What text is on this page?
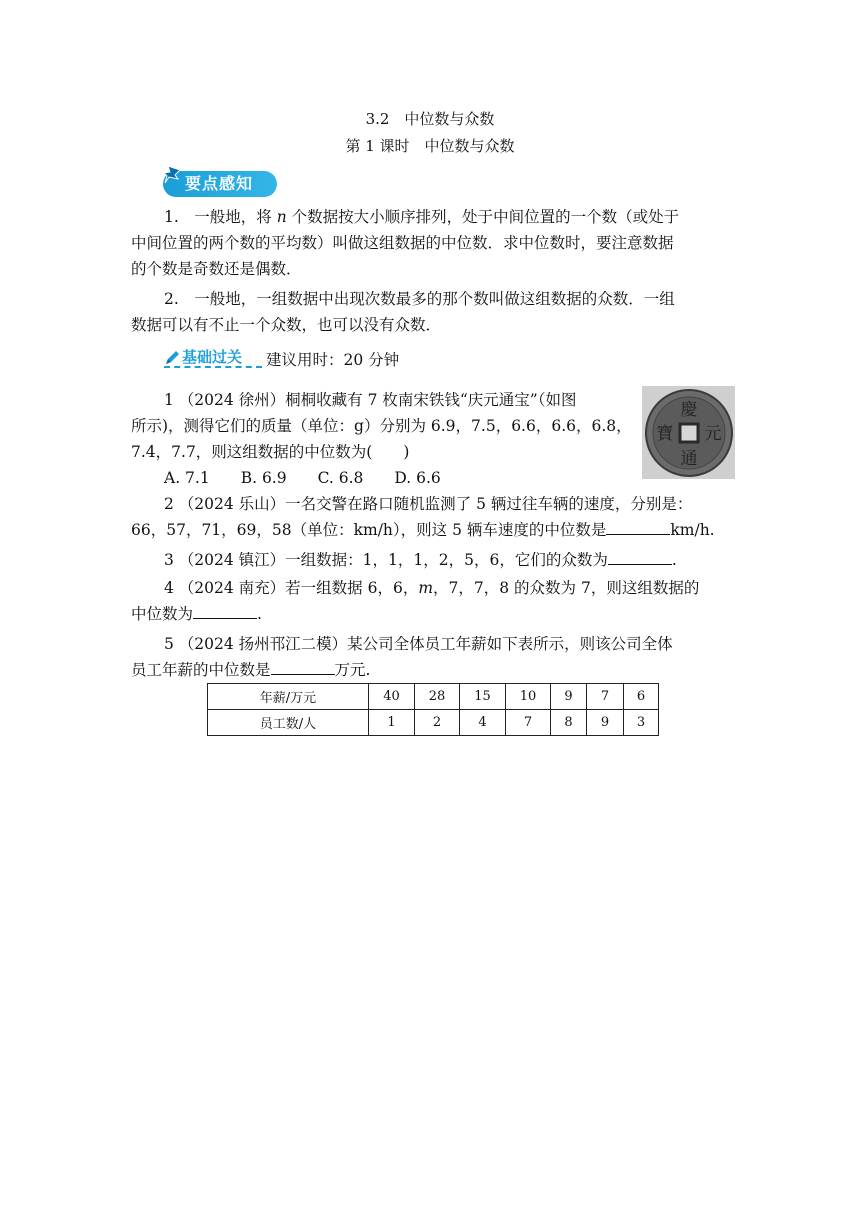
3.2　中位数与众数
第 1 课时　中位数与众数
要点感知
1.　一般地，将 n 个数据按大小顺序排列，处于中间位置的一个数（或处于
中间位置的两个数的平均数）叫做这组数据的中位数．求中位数时，要注意数据
的个数是奇数还是偶数．
2.　一般地，一组数据中出现次数最多的那个数叫做这组数据的众数．一组
数据可以有不止一个众数，也可以没有众数．
基础过关	建议用时：20 分钟
1 （2024 徐州）桐桐收藏有 7 枚南宋铁钱“庆元通宝”（如图
所示)，测得它们的质量（单位：g）分别为 6.9，7.5，6.6，6.6，6.8，
7.4，7.7，则这组数据的中位数为(　　)
A. 7.1　　B. 6.9　　C. 6.8　　D. 6.6
慶
元
通
寶
2 （2024 乐山）一名交警在路口随机监测了 5 辆过往车辆的速度，分别是：
66，57，71，69，58（单位：km/h），则这 5 辆车速度的中位数是	km/h.
3 （2024 镇江）一组数据：1，1，1，2，5，6，它们的众数为	.
4 （2024 南充）若一组数据 6，6，m，7，7，8 的众数为 7，则这组数据的
中位数为	.
5 （2024 扬州邗江二模）某公司全体员工年薪如下表所示，则该公司全体
员工年薪的中位数是	万元.
年薪/万元	40	28	15	10	9	7	6
员工数/人	1	2	4	7	8	9	3
